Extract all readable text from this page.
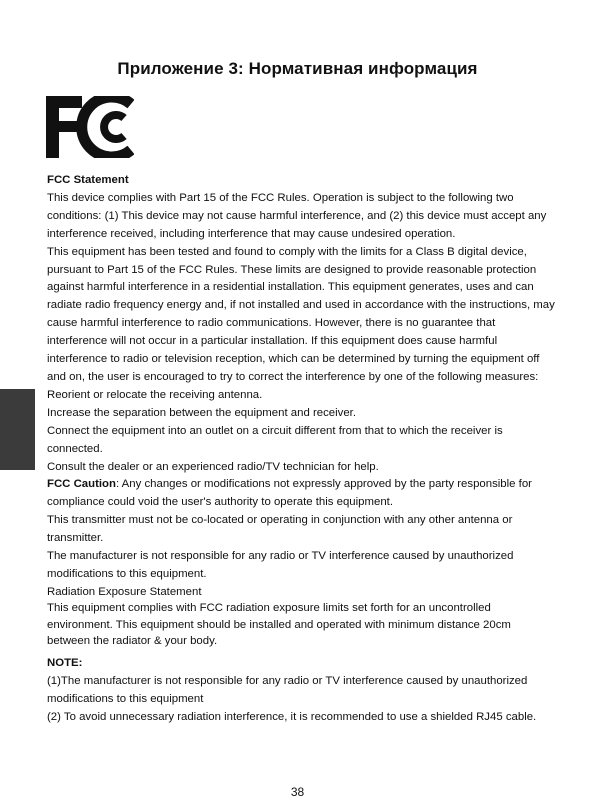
Приложение 3: Нормативная информация

FCC Statement

This device complies with Part 15 of the FCC Rules. Operation is subject to the following two conditions: (1) This device may not cause harmful interference, and (2) this device must accept any interference received, including interference that may cause undesired operation.

This equipment has been tested and found to comply with the limits for a Class B digital device, pursuant to Part 15 of the FCC Rules. These limits are designed to provide reasonable protection against harmful interference in a residential installation. This equipment generates, uses and can radiate radio frequency energy and, if not installed and used in accordance with the instructions, may cause harmful interference to radio communications. However, there is no guarantee that interference will not occur in a particular installation. If this equipment does cause harmful interference to radio or television reception, which can be determined by turning the equipment off and on, the user is encouraged to try to correct the interference by one of the following measures:

Reorient or relocate the receiving antenna.

Increase the separation between the equipment and receiver.

Connect the equipment into an outlet on a circuit different from that to which the receiver is connected.

Consult the dealer or an experienced radio/TV technician for help.

FCC Caution: Any changes or modifications not expressly approved by the party responsible for compliance could void the user's authority to operate this equipment.

This transmitter must not be co-located or operating in conjunction with any other antenna or transmitter.

The manufacturer is not responsible for any radio or TV interference caused by unauthorized modifications to this equipment.

Radiation Exposure Statement

This equipment complies with FCC radiation exposure limits set forth for an uncontrolled environment. This equipment should be installed and operated with minimum distance 20cm between the radiator & your body.

NOTE:

(1)The manufacturer is not responsible for any radio or TV interference caused by unauthorized modifications to this equipment

(2) To avoid unnecessary radiation interference, it is recommended to use a shielded RJ45 cable.

38
